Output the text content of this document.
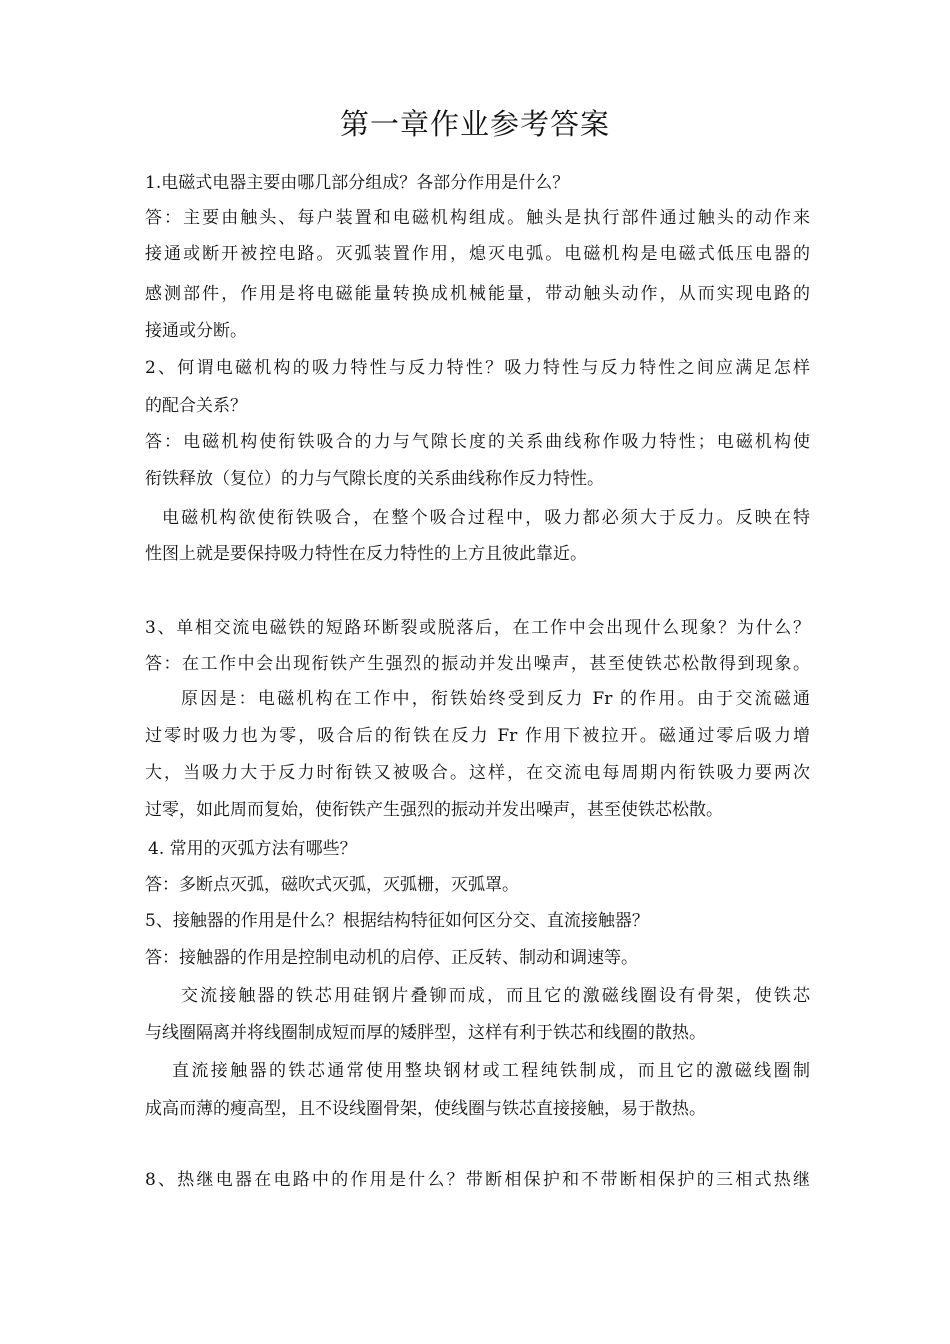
第一章作业参考答案
1.电磁式电器主要由哪几部分组成？各部分作用是什么？
答：主要由触头、每户装置和电磁机构组成。触头是执行部件通过触头的动作来
接通或断开被控电路。灭弧装置作用，熄灭电弧。电磁机构是电磁式低压电器的
感测部件，作用是将电磁能量转换成机械能量，带动触头动作，从而实现电路的
接通或分断。
2、何谓电磁机构的吸力特性与反力特性？吸力特性与反力特性之间应满足怎样
的配合关系？
答：电磁机构使衔铁吸合的力与气隙长度的关系曲线称作吸力特性；电磁机构使
衔铁释放（复位）的力与气隙长度的关系曲线称作反力特性。
电磁机构欲使衔铁吸合，在整个吸合过程中，吸力都必须大于反力。反映在特
性图上就是要保持吸力特性在反力特性的上方且彼此靠近。
3、单相交流电磁铁的短路环断裂或脱落后，在工作中会出现什么现象？为什么？
答：在工作中会出现衔铁产生强烈的振动并发出噪声，甚至使铁芯松散得到现象。
原因是：电磁机构在工作中，衔铁始终受到反力 Fr 的作用。由于交流磁通
过零时吸力也为零，吸合后的衔铁在反力 Fr 作用下被拉开。磁通过零后吸力增
大，当吸力大于反力时衔铁又被吸合。这样，在交流电每周期内衔铁吸力要两次
过零，如此周而复始，使衔铁产生强烈的振动并发出噪声，甚至使铁芯松散。
4. 常用的灭弧方法有哪些？
答：多断点灭弧，磁吹式灭弧，灭弧栅，灭弧罩。
5、接触器的作用是什么？根据结构特征如何区分交、直流接触器？
答：接触器的作用是控制电动机的启停、正反转、制动和调速等。
交流接触器的铁芯用硅钢片叠铆而成，而且它的激磁线圈设有骨架，使铁芯
与线圈隔离并将线圈制成短而厚的矮胖型，这样有利于铁芯和线圈的散热。
直流接触器的铁芯通常使用整块钢材或工程纯铁制成，而且它的激磁线圈制
成高而薄的瘦高型，且不设线圈骨架，使线圈与铁芯直接接触，易于散热。
8、热继电器在电路中的作用是什么？带断相保护和不带断相保护的三相式热继
